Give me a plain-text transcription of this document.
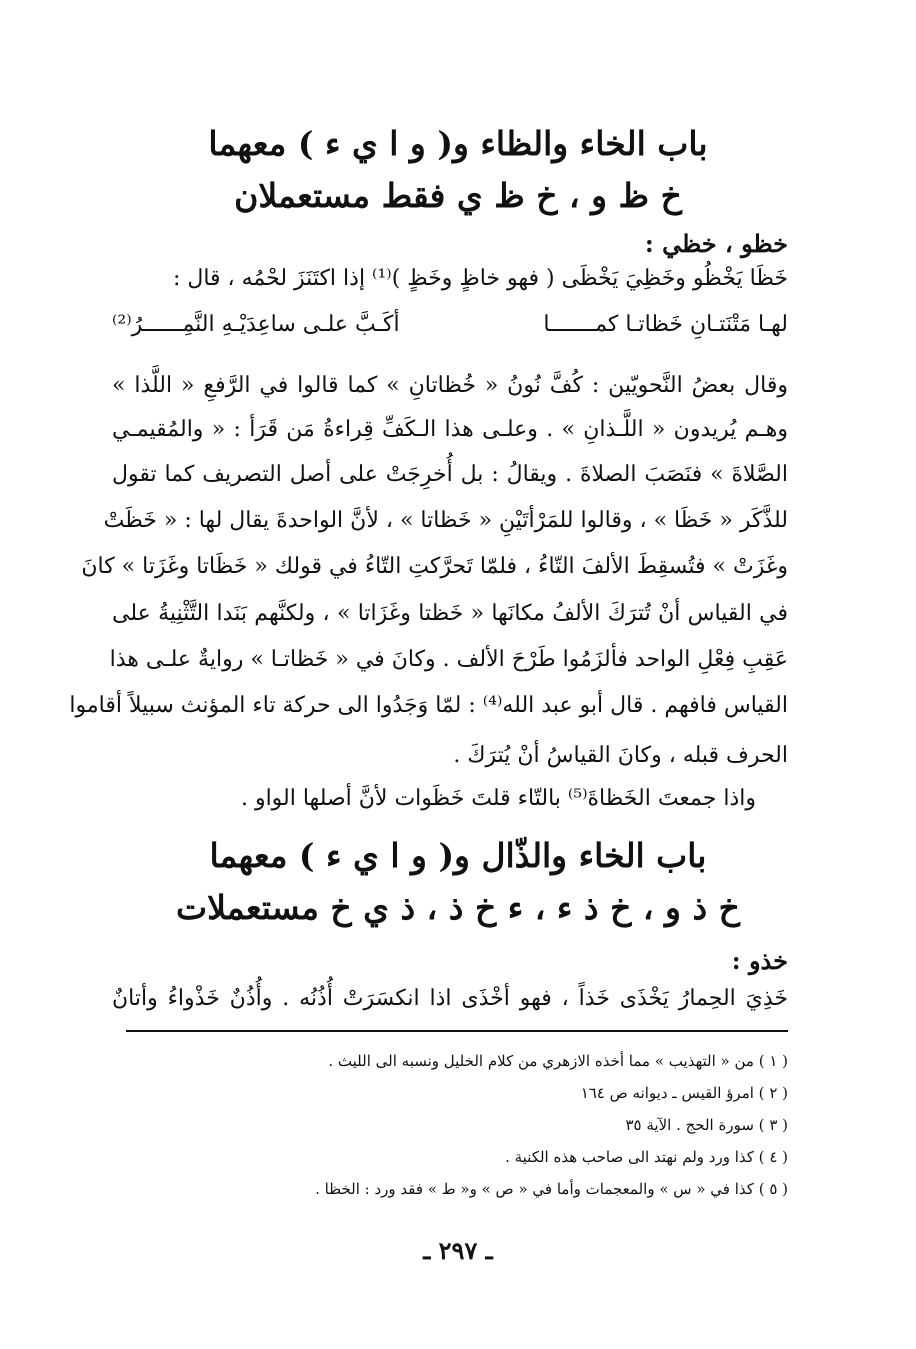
باب الخاء والظاء و( و ا ي ء ) معهما
خ ظ و ، خ ظ ي فقط مستعملان
خظو ، خظي :
خَظَا يَخْظُو وخَظِيَ يَخْظَى ( فهو خاظٍ وخَظٍ )⁽¹⁾ إذا اكتَنَزَ لحْمُه ، قال :
لهـا مَتْنَتـانِ خَظاتـا كمـــــــا
أكَـبَّ علـى ساعِدَيْـهِ النَّمِــــــرُ⁽²⁾
وقال بعضُ النَّحويّين : كُفَّ نُونُ « خُظاتانِ » كما قالوا في الرَّفعِ « اللَّذا »
وهـم يُريدون « اللَّـذانِ » . وعلـى هذا الـكَفِّ قِراءةُ مَن قَرَأ : « والمُقيمـي
الصَّلاةَ » فنَصَبَ الصلاةَ . ويقالُ : بل أُخرِجَتْ على أصل التصريف كما تقول
للذَّكَر « خَظَا » ، وقالوا للمَرْأتَيْنِ « خَظاتا » ، لأنَّ الواحدةَ يقال لها : « خَظَتْ
وغَزَتْ » فتُسقِطَ الألفَ التّاءُ ، فلمّا تَحرَّكتِ التّاءُ في قولك « خَظَاتا وغَزَتا » كانَ
في القياس أنْ تُترَكَ الألفُ مكانَها « خَظتا وغَزَاتا » ، ولكنَّهم بَنَدا التَّثْنِيةُ على
عَقِبِ فِعْلِ الواحد فألزَمُوا طَرْحَ الألف . وكانَ في « خَظاتـا » روايةٌ علـى هذا
القياس فافهم . قال أبو عبد الله⁽⁴⁾ : لمّا وَجَدُوا الى حركة تاء المؤنث سبيلاً أقاموا
الحرف قبله ، وكانَ القياسُ أنْ يُترَكَ .
واذا جمعتَ الخَظاةَ⁽⁵⁾ بالتّاء قلتَ خَظَوات لأنَّ أصلها الواو .
باب الخاء والذّال و( و ا ي ء ) معهما
خ ذ و ، خ ذ ء ، ء خ ذ ، ذ ي خ مستعملات
خذو :
خَذِيَ الحِمارُ يَخْذَى خَذاً ، فهو أخْذَى اذا انكسَرَتْ أُذُنُه . وأُذُنٌ خَذْواءُ وأتانٌ
( ١ ) من « التهذيب » مما أخذه الازهري من كلام الخليل ونسبه الى الليث .
( ٢ ) امرؤ القيس ـ ديوانه ص ١٦٤
( ٣ ) سورة الحج . الآية ٣٥
( ٤ ) كذا ورد ولم نهتد الى صاحب هذه الكنية .
( ٥ ) كذا في « س » والمعجمات وأما في « ص » و« ط » فقد ورد : الخظا .
ـ ٢٩٧ ـ
